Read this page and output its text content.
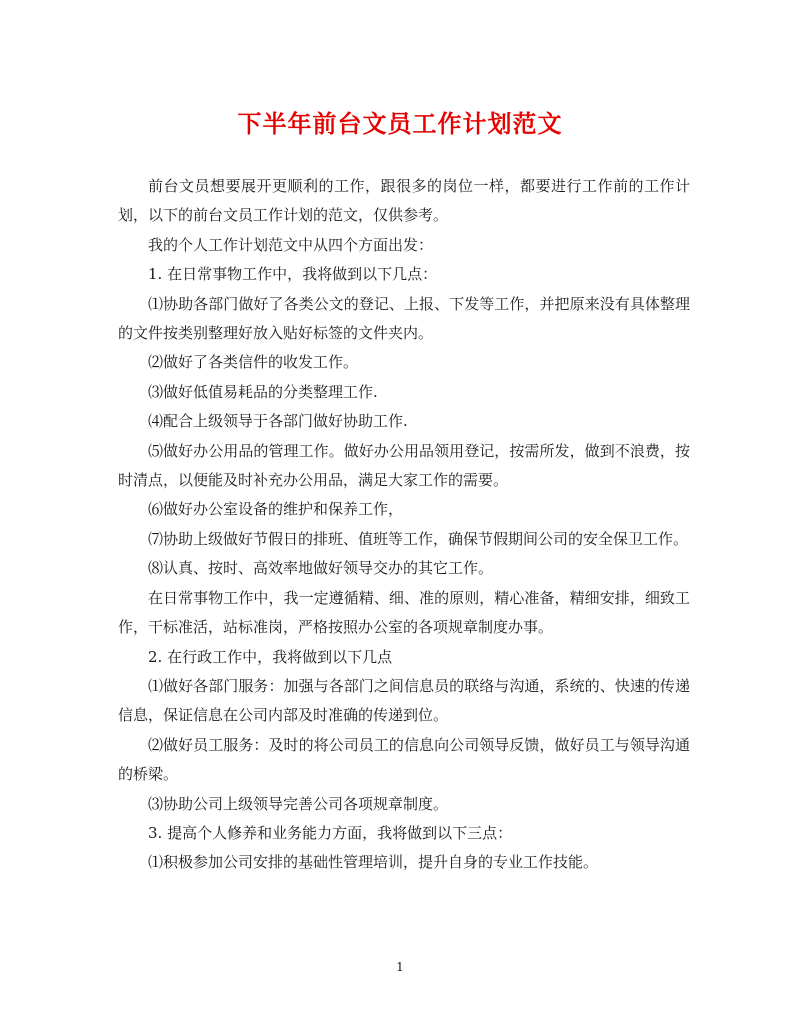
下半年前台文员工作计划范文

前台文员想要展开更顺利的工作，跟很多的岗位一样，都要进行工作前的工作计划，以下的前台文员工作计划的范文，仅供参考。

我的个人工作计划范文中从四个方面出发：

1. 在日常事物工作中，我将做到以下几点：

⑴协助各部门做好了各类公文的登记、上报、下发等工作，并把原来没有具体整理的文件按类别整理好放入贴好标签的文件夹内。

⑵做好了各类信件的收发工作。

⑶做好低值易耗品的分类整理工作.

⑷配合上级领导于各部门做好协助工作.

⑸做好办公用品的管理工作。做好办公用品领用登记，按需所发，做到不浪费，按时清点，以便能及时补充办公用品，满足大家工作的需要。

⑹做好办公室设备的维护和保养工作，

⑺协助上级做好节假日的排班、值班等工作，确保节假期间公司的安全保卫工作。

⑻认真、按时、高效率地做好领导交办的其它工作。

在日常事物工作中，我一定遵循精、细、准的原则，精心准备，精细安排，细致工作，干标准活，站标准岗，严格按照办公室的各项规章制度办事。

2. 在行政工作中，我将做到以下几点

⑴做好各部门服务：加强与各部门之间信息员的联络与沟通，系统的、快速的传递信息，保证信息在公司内部及时准确的传递到位。

⑵做好员工服务：及时的将公司员工的信息向公司领导反馈，做好员工与领导沟通的桥梁。

⑶协助公司上级领导完善公司各项规章制度。

3. 提高个人修养和业务能力方面，我将做到以下三点：

⑴积极参加公司安排的基础性管理培训，提升自身的专业工作技能。

1
